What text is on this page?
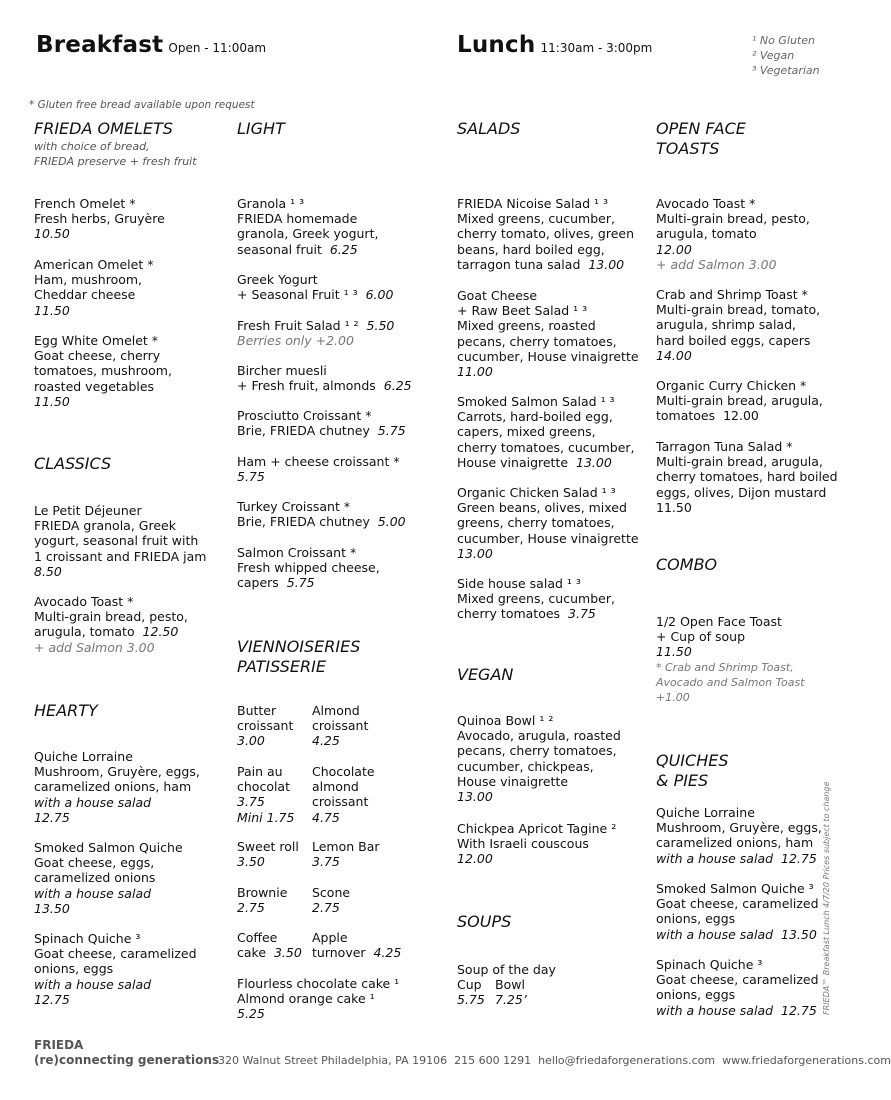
Breakfast Open - 11:00am	Lunch 11:30am - 3:00pm
¹ No Gluten
² Vegan
³ Vegetarian
* Gluten free bread available upon request
FRIEDA OMELETS
with choice of bread,
FRIEDA preserve + fresh fruit
French Omelet *
Fresh herbs, Gruyère
10.50
American Omelet *
Ham, mushroom,
Cheddar cheese
11.50
Egg White Omelet *
Goat cheese, cherry
tomatoes, mushroom,
roasted vegetables
11.50
CLASSICS
Le Petit Déjeuner
FRIEDA granola, Greek
yogurt, seasonal fruit with
1 croissant and FRIEDA jam
8.50
Avocado Toast *
Multi-grain bread, pesto,
arugula, tomato 12.50
+ add Salmon 3.00
HEARTY
Quiche Lorraine
Mushroom, Gruyère, eggs,
caramelized onions, ham
with a house salad
12.75
Smoked Salmon Quiche
Goat cheese, eggs,
caramelized onions
with a house salad
13.50
Spinach Quiche ³
Goat cheese, caramelized
onions, eggs
with a house salad
12.75
LIGHT
Granola ¹ ³
FRIEDA homemade
granola, Greek yogurt,
seasonal fruit 6.25
Greek Yogurt
+ Seasonal Fruit ¹ ³ 6.00
Fresh Fruit Salad ¹ ² 5.50
Berries only +2.00
Bircher muesli
+ Fresh fruit, almonds 6.25
Prosciutto Croissant *
Brie, FRIEDA chutney 5.75
Ham + cheese croissant *
5.75
Turkey Croissant *
Brie, FRIEDA chutney 5.00
Salmon Croissant *
Fresh whipped cheese,
capers 5.75
VIENNOISERIES
PATISSERIE
Butter
croissant
3.00
Almond
croissant
4.25
Pain au
chocolat
3.75
Mini 1.75
Chocolate
almond
croissant
4.75
Sweet roll
3.50
Lemon Bar
3.75
Brownie
2.75
Scone
2.75
Coffee
cake 3.50
Apple
turnover 4.25
Flourless chocolate cake ¹
Almond orange cake ¹
5.25
SALADS
FRIEDA Nicoise Salad ¹ ³
Mixed greens, cucumber,
cherry tomato, olives, green
beans, hard boiled egg,
tarragon tuna salad 13.00
Goat Cheese
+ Raw Beet Salad ¹ ³
Mixed greens, roasted
pecans, cherry tomatoes,
cucumber, House vinaigrette
11.00
Smoked Salmon Salad ¹ ³
Carrots, hard-boiled egg,
capers, mixed greens,
cherry tomatoes, cucumber,
House vinaigrette 13.00
Organic Chicken Salad ¹ ³
Green beans, olives, mixed
greens, cherry tomatoes,
cucumber, House vinaigrette
13.00
Side house salad ¹ ³
Mixed greens, cucumber,
cherry tomatoes 3.75
VEGAN
Quinoa Bowl ¹ ²
Avocado, arugula, roasted
pecans, cherry tomatoes,
cucumber, chickpeas,
House vinaigrette
13.00
Chickpea Apricot Tagine ²
With Israeli couscous
12.00
SOUPS
Soup of the day
Cup Bowl
5.75 7.25’
OPEN FACE
TOASTS
Avocado Toast *
Multi-grain bread, pesto,
arugula, tomato
12.00
+ add Salmon 3.00
Crab and Shrimp Toast *
Multi-grain bread, tomato,
arugula, shrimp salad,
hard boiled eggs, capers
14.00
Organic Curry Chicken *
Multi-grain bread, arugula,
tomatoes 12.00
Tarragon Tuna Salad *
Multi-grain bread, arugula,
cherry tomatoes, hard boiled
eggs, olives, Dijon mustard
11.50
COMBO
1/2 Open Face Toast
+ Cup of soup
11.50
* Crab and Shrimp Toast,
Avocado and Salmon Toast
+1.00
QUICHES
& PIES
Quiche Lorraine
Mushroom, Gruyère, eggs,
caramelized onions, ham
with a house salad 12.75
Smoked Salmon Quiche ³
Goat cheese, caramelized
onions, eggs
with a house salad 13.50
Spinach Quiche ³
Goat cheese, caramelized
onions, eggs
with a house salad 12.75 FRIEDA™ Breakfast Lunch 4/7/20 Prices subject to change
FRIEDA
(re)connecting generations
320 Walnut Street Philadelphia, PA 19106 215 600 1291 hello@friedaforgenerations.com www.friedaforgenerations.com
